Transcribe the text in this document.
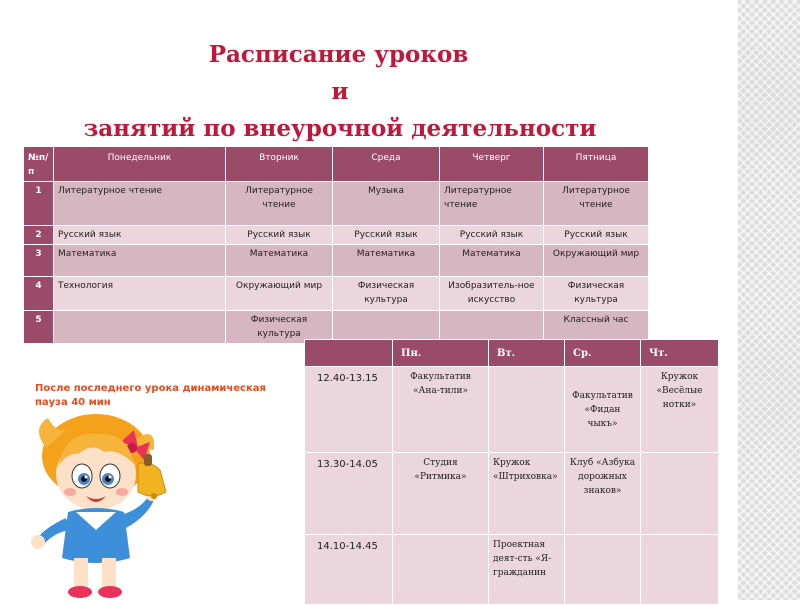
Расписание уроков
и
занятий по внеурочной деятельности
№п/п	Понедельник	Вторник	Среда	Четверг	Пятница
1	Литературное чтение	Литературное чтение	Музыка	Литературное чтение	Литературное чтение
2	Русский язык	Русский язык	Русский язык	Русский язык	Русский язык
3	Математика	Математика	Математика	Математика	Окружающий мир
4	Технология	Окружающий мир	Физическая культура	Изобразитель-ное искусство	Физическая культура
5		Физическая культура			Классный час
После последнего урока динамическая пауза 40 мин
	Пн.	Вт.	Ср.	Чт.
12.40-13.15	Факультатив «Ана-тили»		Факультатив «Фидан чыкъ»	Кружок «Весёлые нотки»
13.30-14.05	Студия «Ритмика»	Кружок «Штриховка»	Клуб «Азбука дорожных знаков»	
14.10-14.45		Проектная деят-сть «Я-гражданин		
